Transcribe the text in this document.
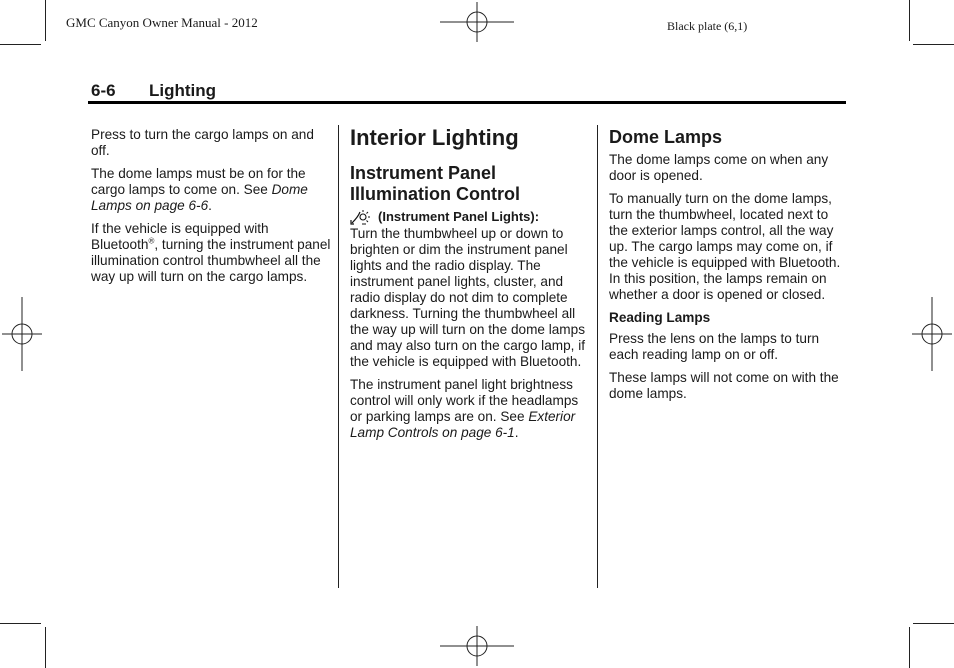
GMC Canyon Owner Manual - 2012	Black plate (6,1)
6-6 Lighting

Press to turn the cargo lamps on and off.

The dome lamps must be on for the cargo lamps to come on. See Dome Lamps on page 6-6.

If the vehicle is equipped with Bluetooth®, turning the instrument panel illumination control thumbwheel all the way up will turn on the cargo lamps.

Interior Lighting
Instrument Panel Illumination Control
(Instrument Panel Lights):

Turn the thumbwheel up or down to brighten or dim the instrument panel lights and the radio display. The instrument panel lights, cluster, and radio display do not dim to complete darkness. Turning the thumbwheel all the way up will turn on the dome lamps and may also turn on the cargo lamp, if the vehicle is equipped with Bluetooth.

The instrument panel light brightness control will only work if the headlamps or parking lamps are on. See Exterior Lamp Controls on page 6-1.

Dome Lamps

The dome lamps come on when any door is opened.

To manually turn on the dome lamps, turn the thumbwheel, located next to the exterior lamps control, all the way up. The cargo lamps may come on, if the vehicle is equipped with Bluetooth. In this position, the lamps remain on whether a door is opened or closed.

Reading Lamps

Press the lens on the lamps to turn each reading lamp on or off.

These lamps will not come on with the dome lamps.
